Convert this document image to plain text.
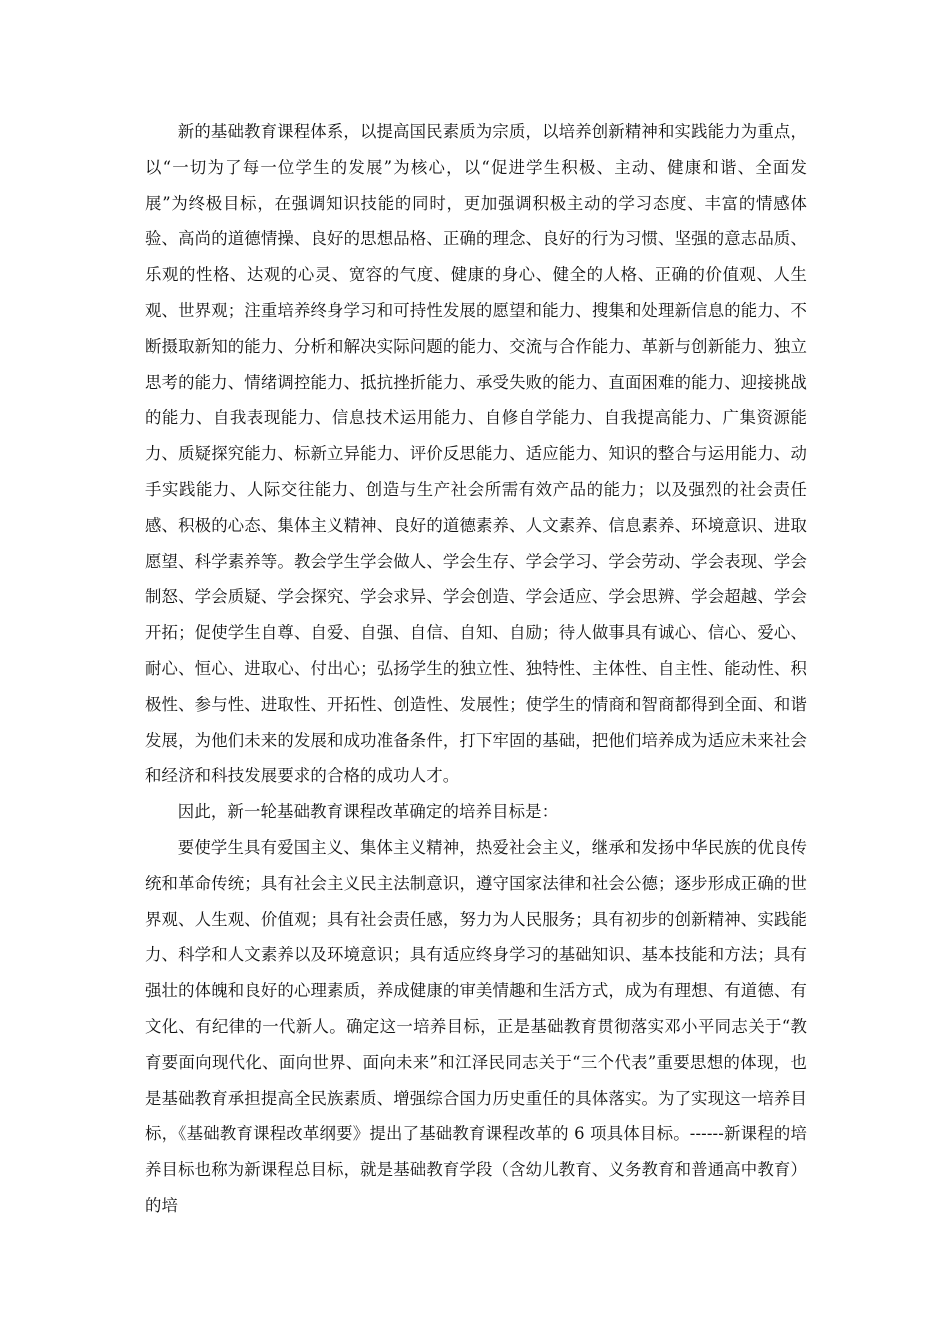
新的基础教育课程体系，以提高国民素质为宗质，以培养创新精神和实践能力为重点，以“一切为了每一位学生的发展”为核心，以“促进学生积极、主动、健康和谐、全面发展”为终极目标，在强调知识技能的同时，更加强调积极主动的学习态度、丰富的情感体验、高尚的道德情操、良好的思想品格、正确的理念、良好的行为习惯、坚强的意志品质、乐观的性格、达观的心灵、宽容的气度、健康的身心、健全的人格、正确的价值观、人生观、世界观；注重培养终身学习和可持性发展的愿望和能力、搜集和处理新信息的能力、不断摄取新知的能力、分析和解决实际问题的能力、交流与合作能力、革新与创新能力、独立思考的能力、情绪调控能力、抵抗挫折能力、承受失败的能力、直面困难的能力、迎接挑战的能力、自我表现能力、信息技术运用能力、自修自学能力、自我提高能力、广集资源能力、质疑探究能力、标新立异能力、评价反思能力、适应能力、知识的整合与运用能力、动手实践能力、人际交往能力、创造与生产社会所需有效产品的能力；以及强烈的社会责任感、积极的心态、集体主义精神、良好的道德素养、人文素养、信息素养、环境意识、进取愿望、科学素养等。教会学生学会做人、学会生存、学会学习、学会劳动、学会表现、学会制怒、学会质疑、学会探究、学会求异、学会创造、学会适应、学会思辨、学会超越、学会开拓；促使学生自尊、自爱、自强、自信、自知、自励；待人做事具有诚心、信心、爱心、耐心、恒心、进取心、付出心；弘扬学生的独立性、独特性、主体性、自主性、能动性、积极性、参与性、进取性、开拓性、创造性、发展性；使学生的情商和智商都得到全面、和谐发展，为他们未来的发展和成功准备条件，打下牢固的基础，把他们培养成为适应未来社会和经济和科技发展要求的合格的成功人才。

因此，新一轮基础教育课程改革确定的培养目标是：

要使学生具有爱国主义、集体主义精神，热爱社会主义，继承和发扬中华民族的优良传统和革命传统；具有社会主义民主法制意识，遵守国家法律和社会公德；逐步形成正确的世界观、人生观、价值观；具有社会责任感，努力为人民服务；具有初步的创新精神、实践能力、科学和人文素养以及环境意识；具有适应终身学习的基础知识、基本技能和方法；具有强壮的体魄和良好的心理素质，养成健康的审美情趣和生活方式，成为有理想、有道德、有文化、有纪律的一代新人。确定这一培养目标，正是基础教育贯彻落实邓小平同志关于“教育要面向现代化、面向世界、面向未来”和江泽民同志关于“三个代表”重要思想的体现，也是基础教育承担提高全民族素质、增强综合国力历史重任的具体落实。为了实现这一培养目标，《基础教育课程改革纲要》提出了基础教育课程改革的 6 项具体目标。------新课程的培养目标也称为新课程总目标，就是基础教育学段（含幼儿教育、义务教育和普通高中教育）的培
